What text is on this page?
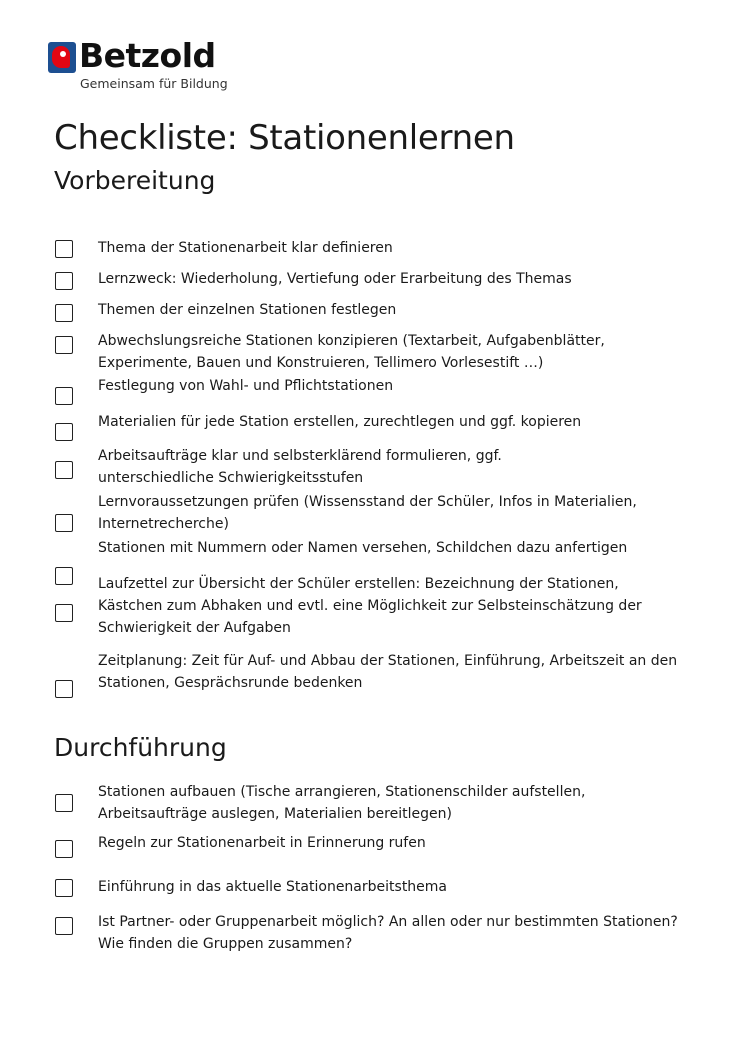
Betzold
Gemeinsam für Bildung
Checkliste: Stationenlernen
Vorbereitung
Thema der Stationenarbeit klar definieren
Lernzweck: Wiederholung, Vertiefung oder Erarbeitung des Themas
Themen der einzelnen Stationen festlegen
Abwechslungsreiche Stationen konzipieren (Textarbeit, Aufgabenblätter,
Experimente, Bauen und Konstruieren, Tellimero Vorlesestift …)
Festlegung von Wahl- und Pflichtstationen
Materialien für jede Station erstellen, zurechtlegen und ggf. kopieren
Arbeitsaufträge klar und selbsterklärend formulieren, ggf.
unterschiedliche Schwierigkeitsstufen
Lernvoraussetzungen prüfen (Wissensstand der Schüler, Infos in Materialien,
Internetrecherche)
Stationen mit Nummern oder Namen versehen, Schildchen dazu anfertigen
Laufzettel zur Übersicht der Schüler erstellen: Bezeichnung der Stationen,
Kästchen zum Abhaken und evtl. eine Möglichkeit zur Selbsteinschätzung der
Schwierigkeit der Aufgaben
Zeitplanung: Zeit für Auf- und Abbau der Stationen, Einführung, Arbeitszeit an den
Stationen, Gesprächsrunde bedenken
Durchführung
Stationen aufbauen (Tische arrangieren, Stationenschilder aufstellen,
Arbeitsaufträge auslegen, Materialien bereitlegen)
Regeln zur Stationenarbeit in Erinnerung rufen
Einführung in das aktuelle Stationenarbeitsthema
Ist Partner- oder Gruppenarbeit möglich? An allen oder nur bestimmten Stationen?
Wie finden die Gruppen zusammen?
